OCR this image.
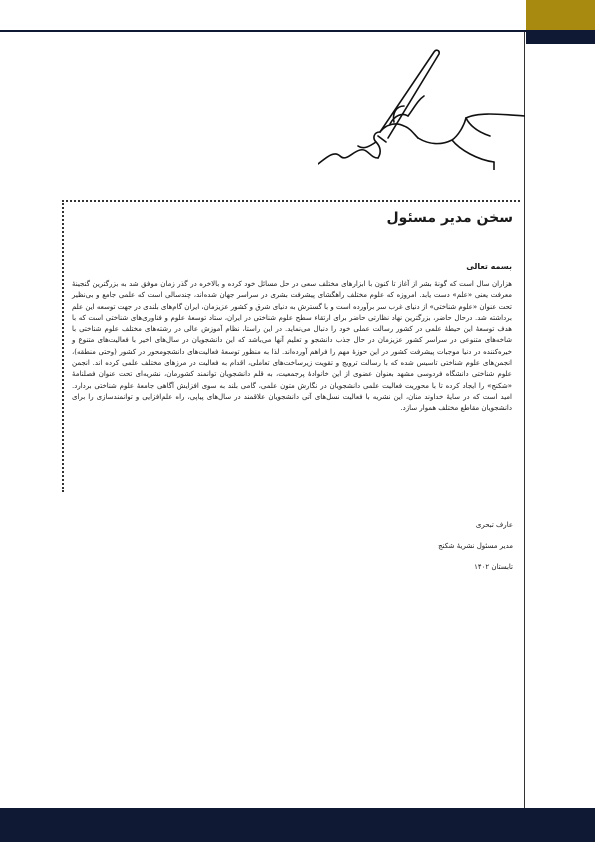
سخن مدیر مسئول

بسمه تعالی

هزاران سال است که گونهٔ بشر از آغاز تا کنون با ابزارهای مختلف سعی در حل مسائل خود کرده و بالاخره در گذر زمان موفق شد به بزرگترین گنجینهٔ معرفت یعنی «علم» دست یابد. امروزه که علوم مختلف راهگشای پیشرفت بشری در سراسر جهان شده‌اند، چندسالی است که علمی جامع و بی‌نظیر تحت عنوان «علوم شناختی» از دنیای غرب سر برآورده است و با گسترش به دنیای شرق و کشور عزیزمان، ایران گام‌های بلندی در جهت توسعه این علم برداشته شد. درحال حاضر، بزرگترین نهاد نظارتی حاضر برای ارتقاء سطح علوم شناختی در ایران، ستاد توسعهٔ علوم و فناوری‌های شناختی است که با هدف توسعهٔ این حیطهٔ علمی در کشور رسالت عملی خود را دنبال می‌نماید. در این راستا، نظام آموزش عالی در رشته‌های مختلف علوم شناختی با شاخه‌های متنوعی در سراسر کشور عزیزمان در حال جذب دانشجو و تعلیم آنها می‌باشد که این دانشجویان در سال‌های اخیر با فعالیت‌های متنوع و خیره‌کننده در دنیا موجبات پیشرفت کشور در این حوزهٔ مهم را فراهم آورده‌اند. لذا به منظور توسعهٔ فعالیت‌های دانشجومحور در کشور (وحتی منطقه)، انجمن‌های علوم شناختی تاسیس شده که با رسالت ترویج و تقویت زیرساخت‌های تعاملی، اقدام به فعالیت در مرزهای مختلف علمی کرده اند. انجمن علوم شناختی دانشگاه فردوسی مشهد بعنوان عضوی از این خانوادهٔ پرجمعیت، به قلم دانشجویان توانمند کشورمان، نشریه‌ای تحت عنوان فصلنامهٔ «شکنج» را ایجاد کرده تا با محوریت فعالیت علمی دانشجویان در نگارش متون علمی، گامی بلند به سوی افزایش آگاهی جامعهٔ علوم شناختی بردارد. امید است که در سایهٔ خداوند منان، این نشریه با فعالیت نسل‌های آتی دانشجویان علاقمند در سال‌های پیاپی، راه علم‌افزایی و توانمندسازی را برای دانشجویان مقاطع مختلف هموار سازد.

عارف تبحری
مدیر مسئول نشریهٔ شکنج
تابستان ۱۴۰۲
